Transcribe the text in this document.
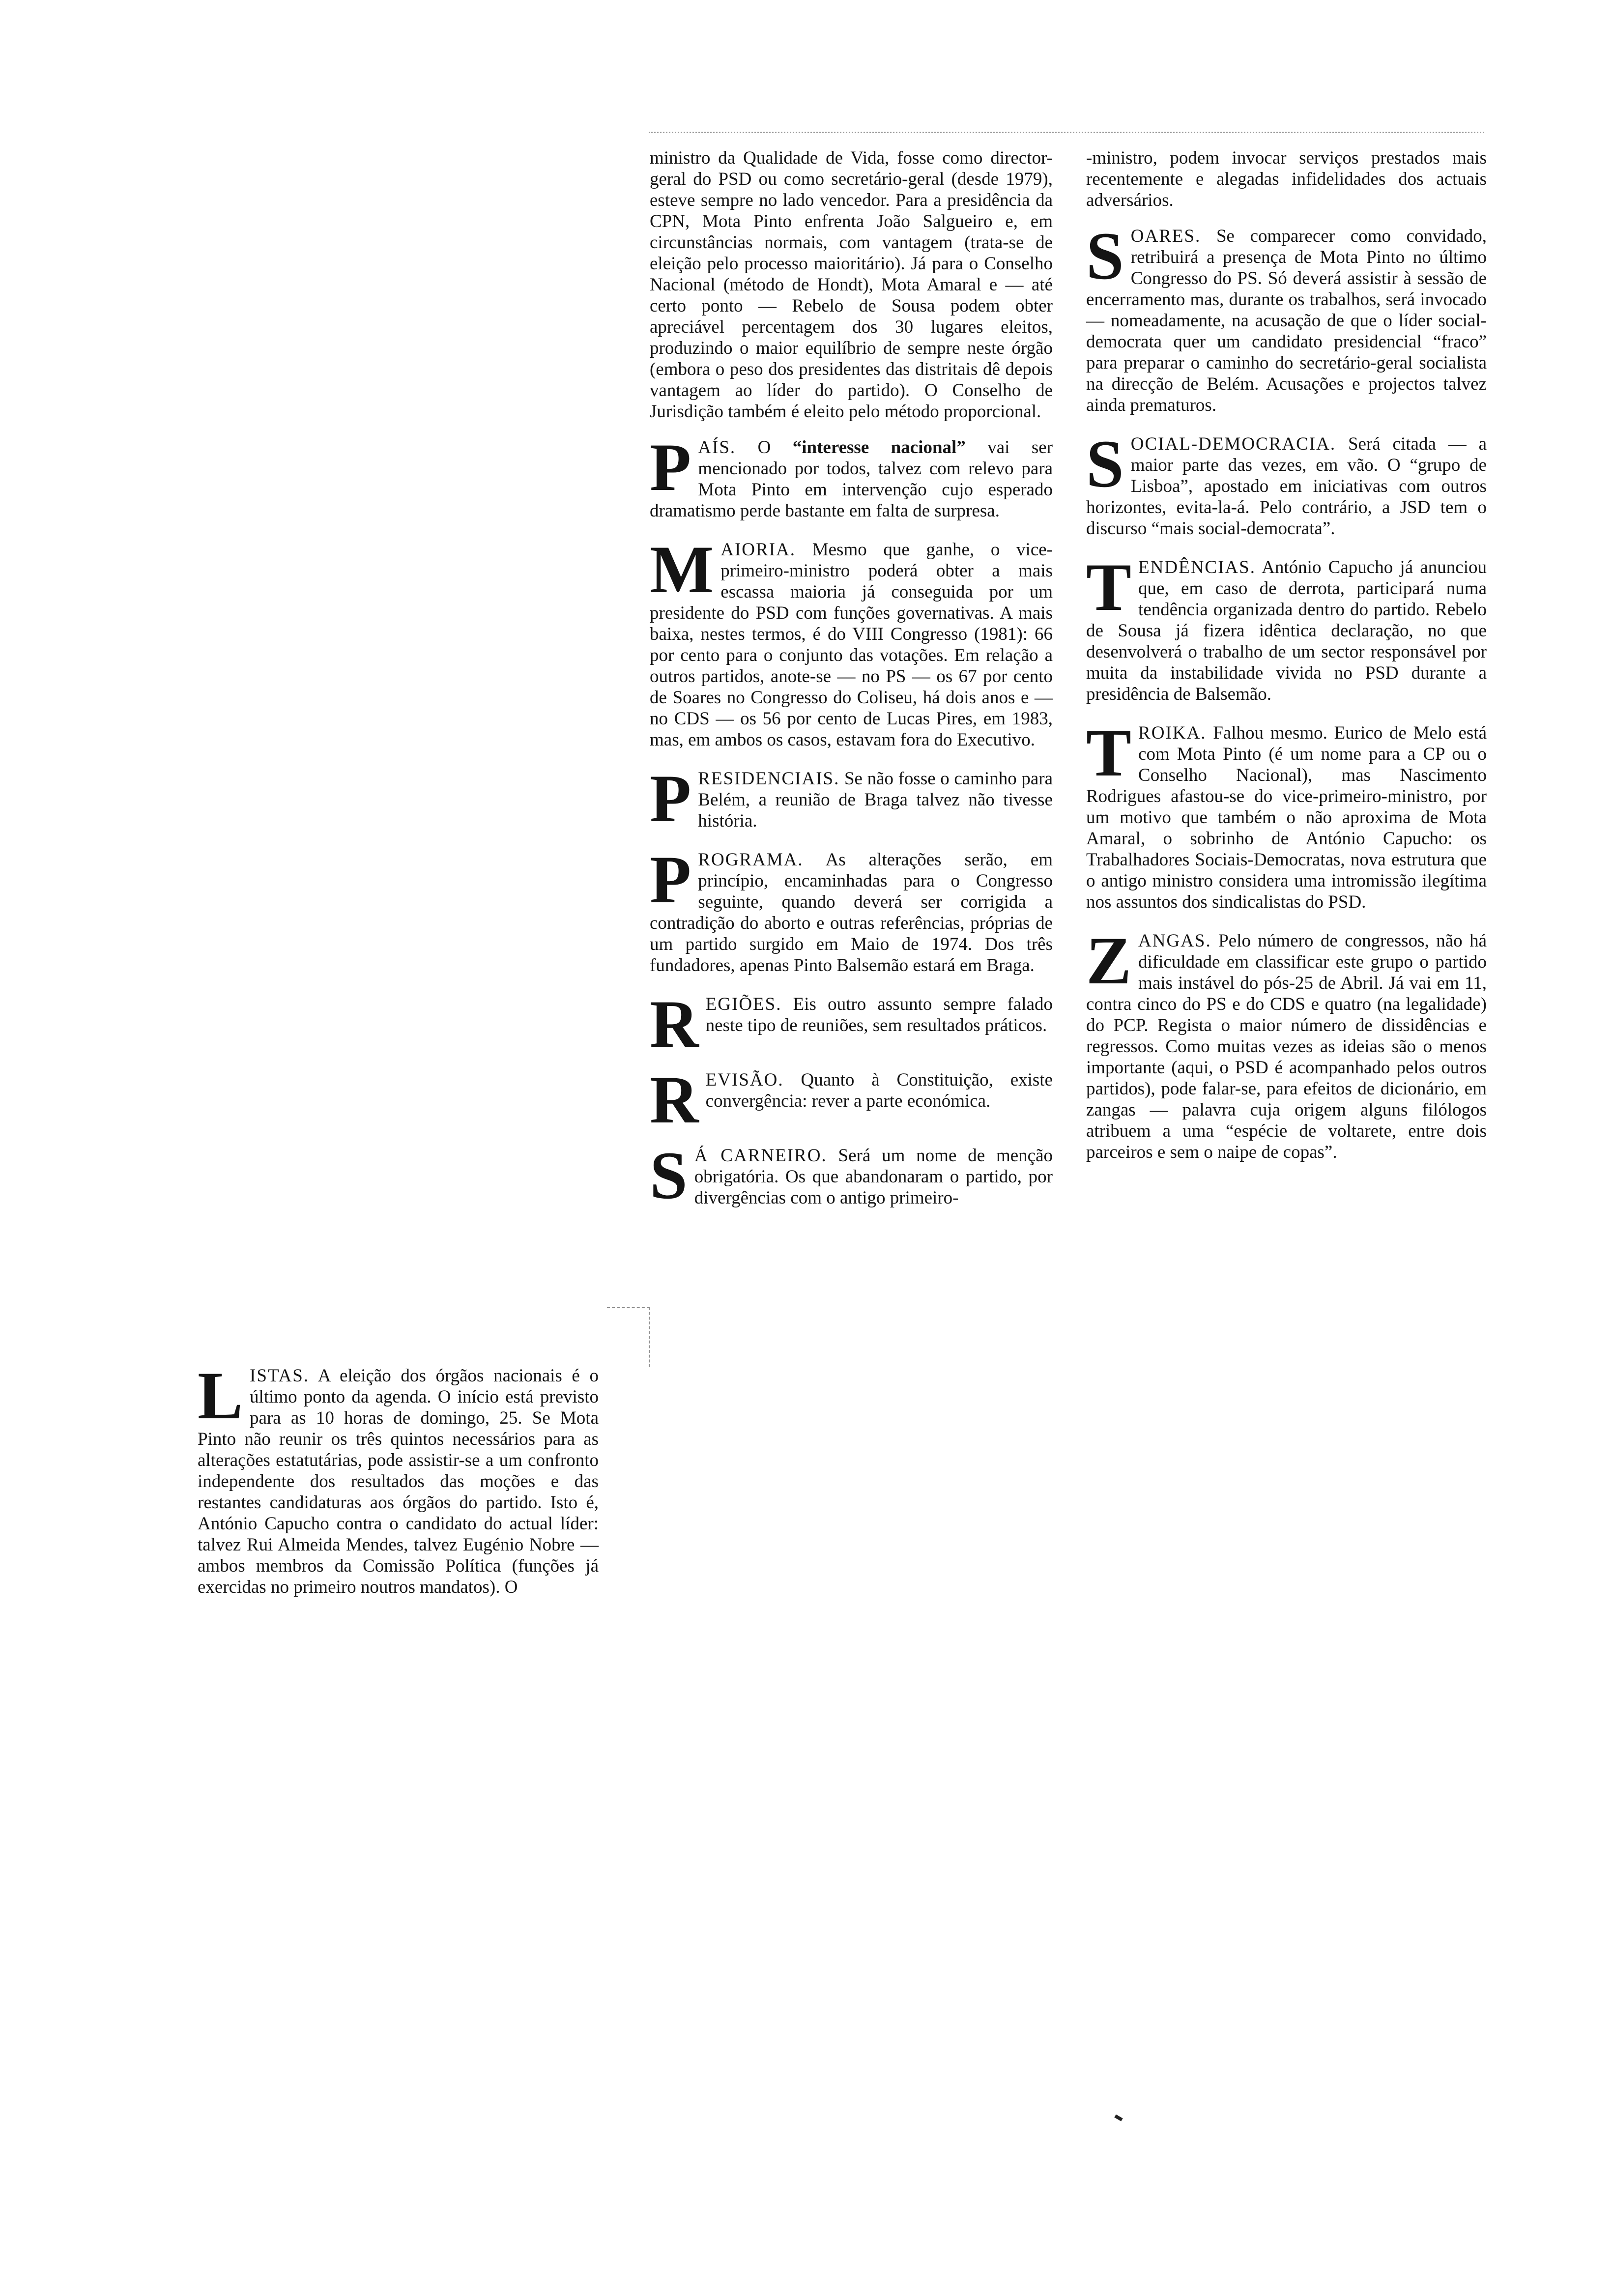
L ISTAS. A eleição dos órgãos nacionais é o último ponto da agenda. O início está previsto para as 10 horas de domingo, 25. Se Mota Pinto não reunir os três quintos necessários para as alterações estatutárias, pode assistir-se a um confronto independente dos resultados das moções e das restantes candidaturas aos órgãos do partido. Isto é, António Capucho contra o candidato do actual líder: talvez Rui Almeida Mendes, talvez Eugénio Nobre — ambos membros da Comissão Política (funções já exercidas no primeiro noutros mandatos). O

ministro da Qualidade de Vida, fosse como director-geral do PSD ou como secretário-geral (desde 1979), esteve sempre no lado vencedor. Para a presidência da CPN, Mota Pinto enfrenta João Salgueiro e, em circunstâncias normais, com vantagem (trata-se de eleição pelo processo maioritário). Já para o Conselho Nacional (método de Hondt), Mota Amaral e — até certo ponto — Rebelo de Sousa podem obter apreciável percentagem dos 30 lugares eleitos, produzindo o maior equilíbrio de sempre neste órgão (embora o peso dos presidentes das distritais dê depois vantagem ao líder do partido). O Conselho de Jurisdição também é eleito pelo método proporcional.

P AÍS. O “interesse nacional” vai ser mencionado por todos, talvez com relevo para Mota Pinto em intervenção cujo esperado dramatismo perde bastante em falta de surpresa.
M AIORIA. Mesmo que ganhe, o vice-primeiro-ministro poderá obter a mais escassa maioria já conseguida por um presidente do PSD com funções governativas. A mais baixa, nestes termos, é do VIII Congresso (1981): 66 por cento para o conjunto das votações. Em relação a outros partidos, anote-se — no PS — os 67 por cento de Soares no Congresso do Coliseu, há dois anos e — no CDS — os 56 por cento de Lucas Pires, em 1983, mas, em ambos os casos, estavam fora do Executivo.
P RESIDENCIAIS. Se não fosse o caminho para Belém, a reunião de Braga talvez não tivesse história.
P ROGRAMA. As alterações serão, em princípio, encaminhadas para o Congresso seguinte, quando deverá ser corrigida a contradição do aborto e outras referências, próprias de um partido surgido em Maio de 1974. Dos três fundadores, apenas Pinto Balsemão estará em Braga.
R EGIÕES. Eis outro assunto sempre falado neste tipo de reuniões, sem resultados práticos.
R EVISÃO. Quanto à Constituição, existe convergência: rever a parte económica.
S Á CARNEIRO. Será um nome de menção obrigatória. Os que abandonaram o partido, por divergências com o antigo primeiro-

-ministro, podem invocar serviços prestados mais recentemente e alegadas infidelidades dos actuais adversários.

S OARES. Se comparecer como convidado, retribuirá a presença de Mota Pinto no último Congresso do PS. Só deverá assistir à sessão de encerramento mas, durante os trabalhos, será invocado — nomeadamente, na acusação de que o líder social-democrata quer um candidato presidencial “fraco” para preparar o caminho do secretário-geral socialista na direcção de Belém. Acusações e projectos talvez ainda prematuros.
S OCIAL-DEMOCRACIA. Será citada — a maior parte das vezes, em vão. O “grupo de Lisboa”, apostado em iniciativas com outros horizontes, evita-la-á. Pelo contrário, a JSD tem o discurso “mais social-democrata”.
T ENDÊNCIAS. António Capucho já anunciou que, em caso de derrota, participará numa tendência organizada dentro do partido. Rebelo de Sousa já fizera idêntica declaração, no que desenvolverá o trabalho de um sector responsável por muita da instabilidade vivida no PSD durante a presidência de Balsemão.
T ROIKA. Falhou mesmo. Eurico de Melo está com Mota Pinto (é um nome para a CP ou o Conselho Nacional), mas Nascimento Rodrigues afastou-se do vice-primeiro-ministro, por um motivo que também o não aproxima de Mota Amaral, o sobrinho de António Capucho: os Trabalhadores Sociais-Democratas, nova estrutura que o antigo ministro considera uma intromissão ilegítima nos assuntos dos sindicalistas do PSD.
Z ANGAS. Pelo número de congressos, não há dificuldade em classificar este grupo o partido mais instável do pós-25 de Abril. Já vai em 11, contra cinco do PS e do CDS e quatro (na legalidade) do PCP. Regista o maior número de dissidências e regressos. Como muitas vezes as ideias são o menos importante (aqui, o PSD é acompanhado pelos outros partidos), pode falar-se, para efeitos de dicionário, em zangas — palavra cuja origem alguns filólogos atribuem a uma “espécie de voltarete, entre dois parceiros e sem o naipe de copas”.
